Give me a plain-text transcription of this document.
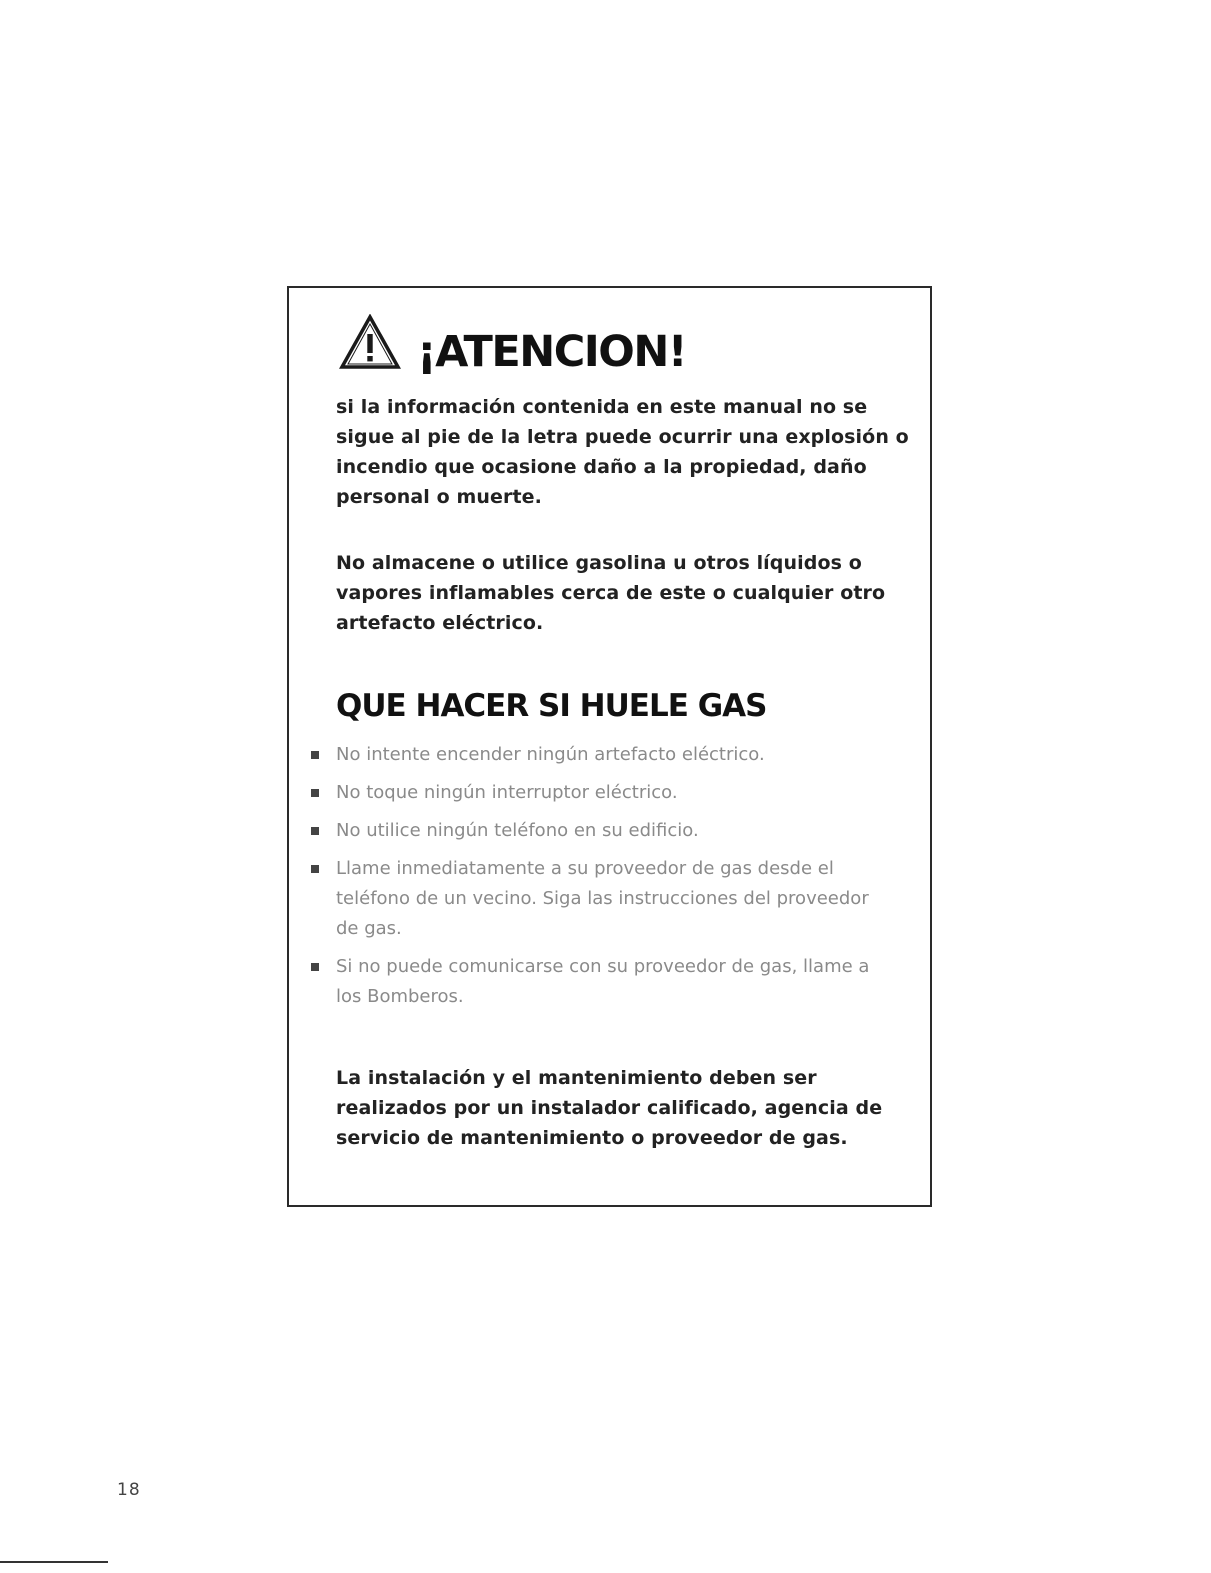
¡ATENCION!

si la información contenida en este manual no se sigue al pie de la letra puede ocurrir una explosión o incendio que ocasione daño a la propiedad, daño personal o muerte.

No almacene o utilice gasolina u otros líquidos o vapores inflamables cerca de este o cualquier otro artefacto eléctrico.

QUE HACER SI HUELE GAS
No intente encender ningún artefacto eléctrico.
No toque ningún interruptor eléctrico.
No utilice ningún teléfono en su edificio.
Llame inmediatamente a su proveedor de gas desde el teléfono de un vecino. Siga las instrucciones del proveedor de gas.
Si no puede comunicarse con su proveedor de gas, llame a los Bomberos.

La instalación y el mantenimiento deben ser realizados por un instalador calificado, agencia de servicio de mantenimiento o proveedor de gas.

18
